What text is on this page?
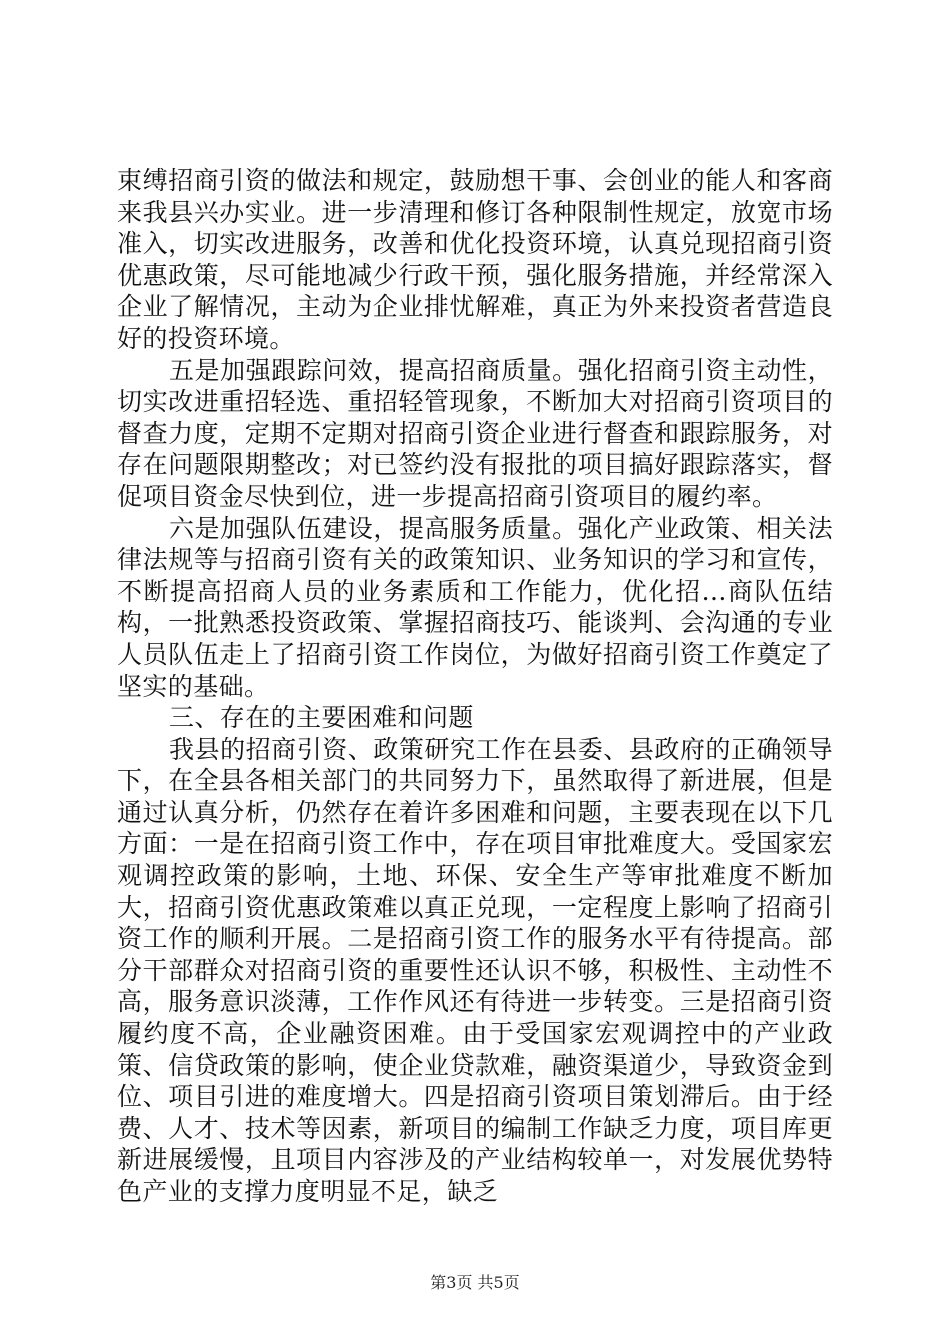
束缚招商引资的做法和规定，鼓励想干事、会创业的能人和客商来我县兴办实业。进一步清理和修订各种限制性规定，放宽市场准入，切实改进服务，改善和优化投资环境，认真兑现招商引资优惠政策，尽可能地减少行政干预，强化服务措施，并经常深入企业了解情况，主动为企业排忧解难，真正为外来投资者营造良好的投资环境。

五是加强跟踪问效，提高招商质量。强化招商引资主动性，切实改进重招轻选、重招轻管现象，不断加大对招商引资项目的督查力度，定期不定期对招商引资企业进行督查和跟踪服务，对存在问题限期整改；对已签约没有报批的项目搞好跟踪落实，督促项目资金尽快到位，进一步提高招商引资项目的履约率。

六是加强队伍建设，提高服务质量。强化产业政策、相关法律法规等与招商引资有关的政策知识、业务知识的学习和宣传，不断提高招商人员的业务素质和工作能力，优化招...商队伍结构，一批熟悉投资政策、掌握招商技巧、能谈判、会沟通的专业人员队伍走上了招商引资工作岗位，为做好招商引资工作奠定了坚实的基础。

三、存在的主要困难和问题

我县的招商引资、政策研究工作在县委、县政府的正确领导下，在全县各相关部门的共同努力下，虽然取得了新进展，但是通过认真分析，仍然存在着许多困难和问题，主要表现在以下几方面：一是在招商引资工作中，存在项目审批难度大。受国家宏观调控政策的影响，土地、环保、安全生产等审批难度不断加大，招商引资优惠政策难以真正兑现，一定程度上影响了招商引资工作的顺利开展。二是招商引资工作的服务水平有待提高。部分干部群众对招商引资的重要性还认识不够，积极性、主动性不高，服务意识淡薄，工作作风还有待进一步转变。三是招商引资履约度不高，企业融资困难。由于受国家宏观调控中的产业政策、信贷政策的影响，使企业贷款难，融资渠道少，导致资金到位、项目引进的难度增大。四是招商引资项目策划滞后。由于经费、人才、技术等因素，新项目的编制工作缺乏力度，项目库更新进展缓慢，且项目内容涉及的产业结构较单一，对发展优势特色产业的支撑力度明显不足，缺乏

第3页 共5页
